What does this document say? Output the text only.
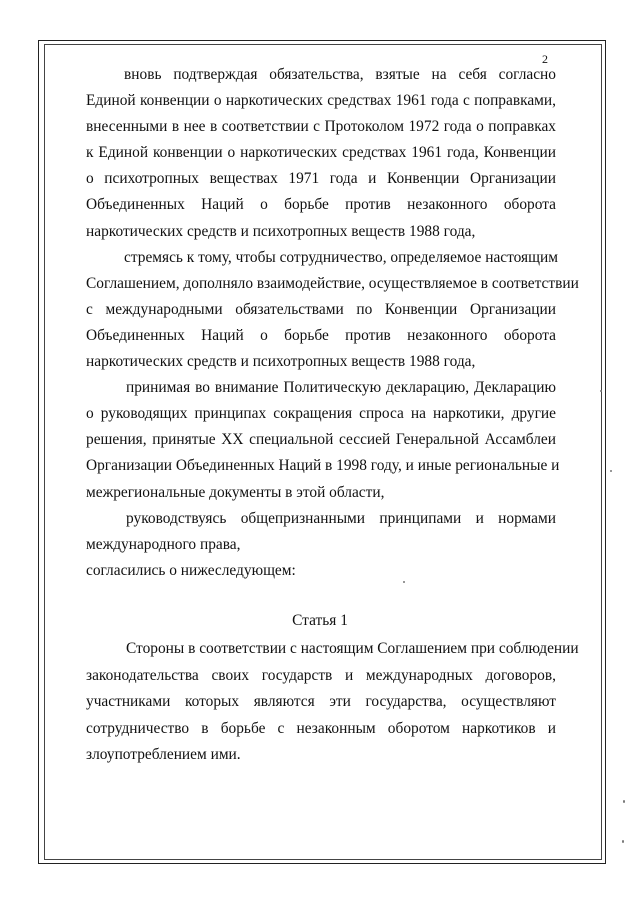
2
вновь подтверждая обязательства, взятые на себя согласно
Единой конвенции о наркотических средствах 1961 года с поправками,
внесенными в нее в соответствии с Протоколом 1972 года о поправках
к Единой конвенции о наркотических средствах 1961 года, Конвенции
о психотропных веществах 1971 года и Конвенции Организации
Объединенных Наций о борьбе против незаконного оборота
наркотических средств и психотропных веществ 1988 года,
стремясь к тому, чтобы сотрудничество, определяемое настоящим
Соглашением, дополняло взаимодействие, осуществляемое в соответствии
с международными обязательствами по Конвенции Организации
Объединенных Наций о борьбе против незаконного оборота
наркотических средств и психотропных веществ 1988 года,
принимая во внимание Политическую декларацию, Декларацию
о руководящих принципах сокращения спроса на наркотики, другие
решения, принятые XX специальной сессией Генеральной Ассамблеи
Организации Объединенных Наций в 1998 году, и иные региональные и
межрегиональные документы в этой области,
руководствуясь общепризнанными принципами и нормами
международного права,
согласились о нижеследующем:
Статья 1
Стороны в соответствии с настоящим Соглашением при соблюдении
законодательства своих государств и международных договоров,
участниками которых являются эти государства, осуществляют
сотрудничество в борьбе с незаконным оборотом наркотиков и
злоупотреблением ими.
